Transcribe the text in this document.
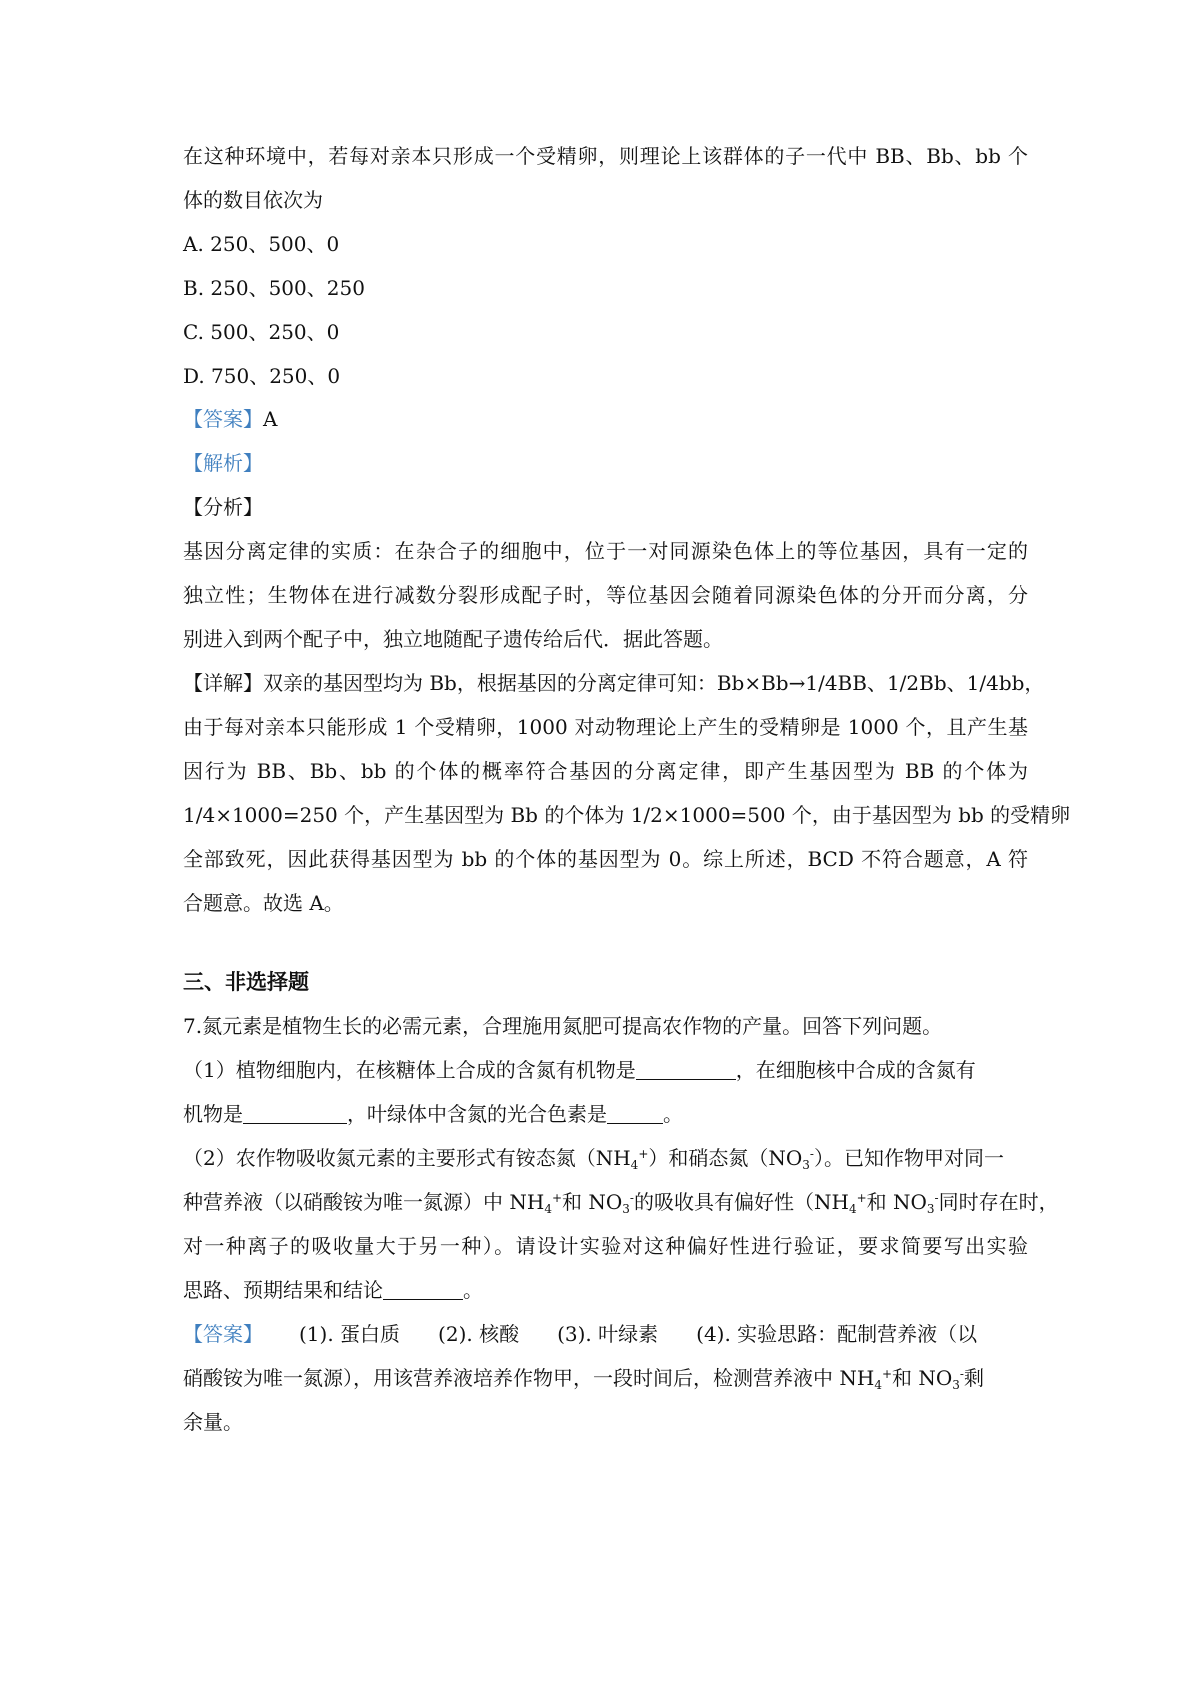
在这种环境中，若每对亲本只形成一个受精卵，则理论上该群体的子一代中 BB、Bb、bb 个
体的数目依次为
A. 250、500、0
B. 250、500、250
C. 500、250、0
D. 750、250、0
【答案】A
【解析】
【分析】
基因分离定律的实质：在杂合子的细胞中，位于一对同源染色体上的等位基因，具有一定的
独立性；生物体在进行减数分裂形成配子时，等位基因会随着同源染色体的分开而分离，分
别进入到两个配子中，独立地随配子遗传给后代．据此答题。
【详解】双亲的基因型均为 Bb，根据基因的分离定律可知：Bb×Bb→1/4BB、1/2Bb、1/4bb，
由于每对亲本只能形成 1 个受精卵，1000 对动物理论上产生的受精卵是 1000 个，且产生基
因行为 BB、Bb、bb 的个体的概率符合基因的分离定律，即产生基因型为 BB 的个体为
1/4×1000=250 个，产生基因型为 Bb 的个体为 1/2×1000=500 个，由于基因型为 bb 的受精卵
全部致死，因此获得基因型为 bb 的个体的基因型为 0。综上所述，BCD 不符合题意，A 符
合题意。故选 A。
三、非选择题
7.氮元素是植物生长的必需元素，合理施用氮肥可提高农作物的产量。回答下列问题。
（1）植物细胞内，在核糖体上合成的含氮有机物是	，在细胞核中合成的含氮有
机物是	，叶绿体中含氮的光合色素是	。
（2）农作物吸收氮元素的主要形式有铵态氮$(NH_4^+)$和硝态氮$(NO_3^-)$。已知作物甲对同一
种营养液（以硝酸铵为唯一氮源）中 $NH_4^+$和 $NO_3^-$的吸收具有偏好性（$NH_4^+$和 $NO_3^-$同时存在时，
对一种离子的吸收量大于另一种）。请设计实验对这种偏好性进行验证，要求简要写出实验
思路、预期结果和结论	。
【答案】 (1). 蛋白质 (2). 核酸 (3). 叶绿素 (4). 实验思路：配制营养液（以
硝酸铵为唯一氮源），用该营养液培养作物甲，一段时间后，检测营养液中 $NH_4^+$和 $NO_3^-$剩
余量。
